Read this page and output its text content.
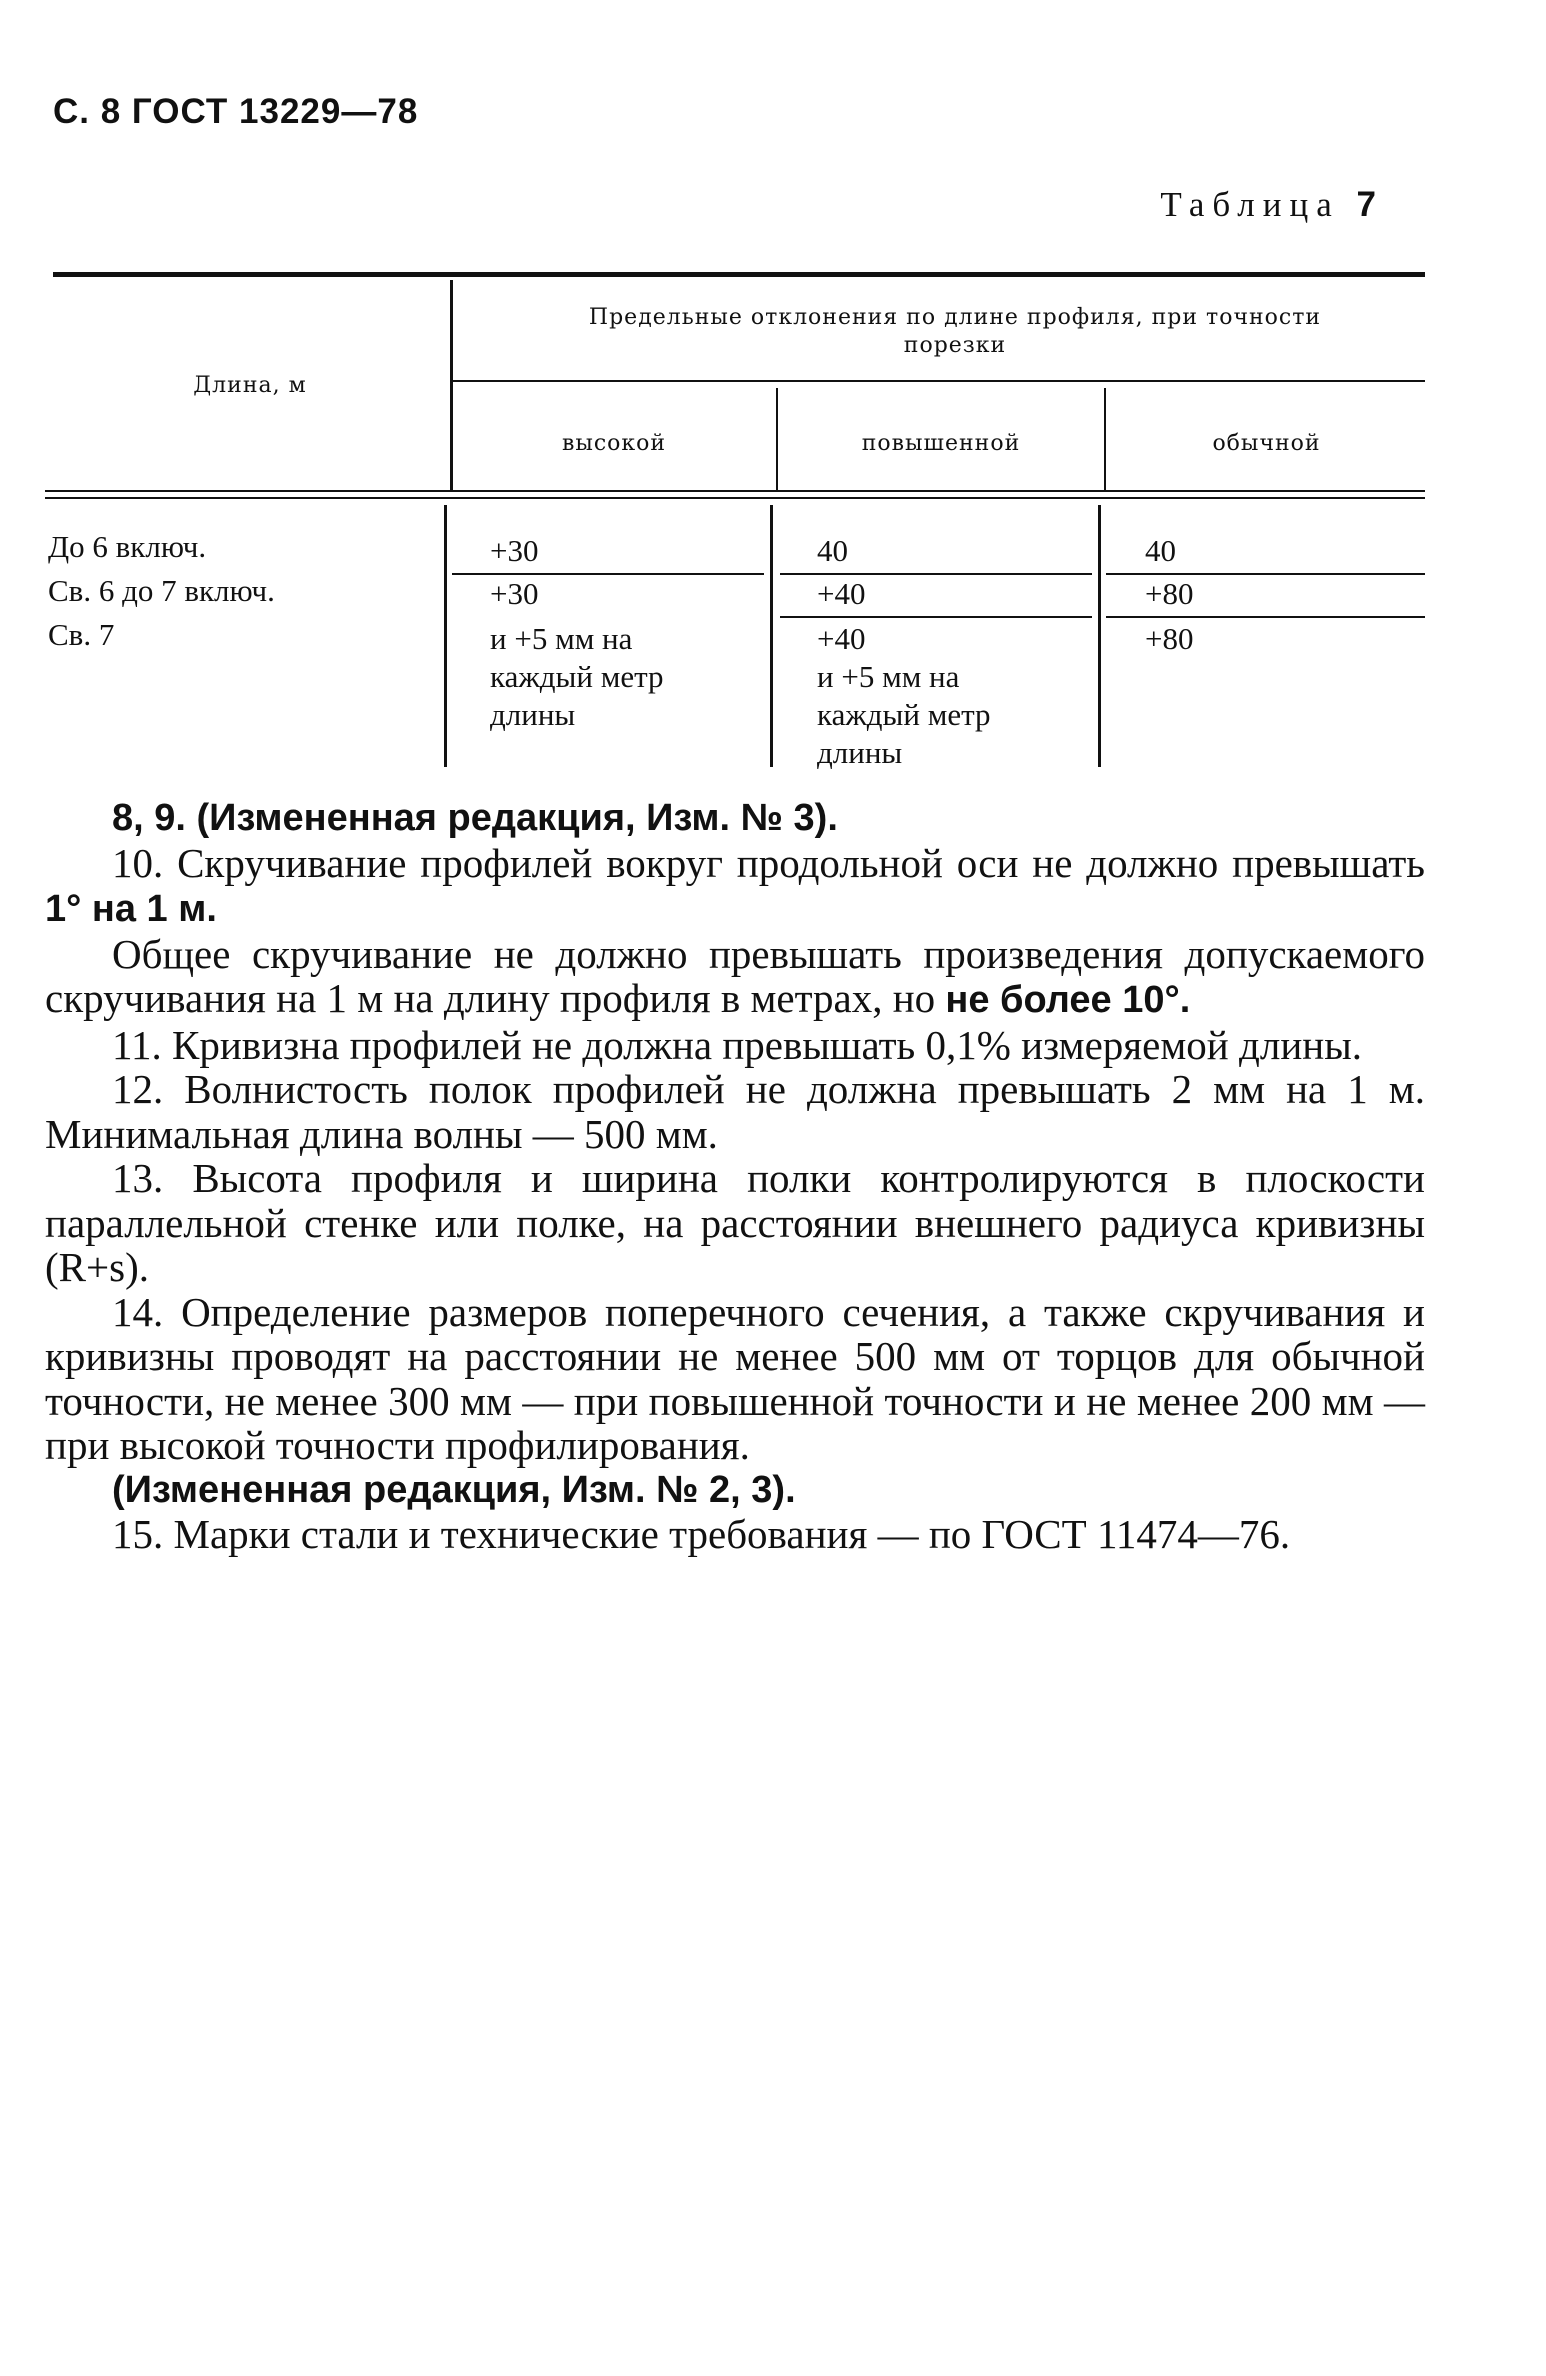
С. 8 ГОСТ 13229—78
Таблица 7
Длина, м
Предельные отклонения по длине профиля, при точности порезки
высокой	повышенной	обычной
До 6 включ.
Св. 6 до 7 включ.
Св. 7
+30
+30
и +5 мм на каждый метр длины
40
+40
+40
и +5 мм на каждый метр длины
40
+80
+80

8, 9. (Измененная редакция, Изм. № 3).

10. Скручивание профилей вокруг продольной оси не должно превышать 1° на 1 м.

Общее скручивание не должно превышать произведения допускаемого скручивания на 1 м на длину профиля в метрах, но не более 10°.

11. Кривизна профилей не должна превышать 0,1% измеряемой длины.

12. Волнистость полок профилей не должна превышать 2 мм на 1 м. Минимальная длина волны — 500 мм.

13. Высота профиля и ширина полки контролируются в плоскости параллельной стенке или полке, на расстоянии внешнего радиуса кривизны (R+s).

14. Определение размеров поперечного сечения, а также скручивания и кривизны проводят на расстоянии не менее 500 мм от торцов для обычной точности, не менее 300 мм — при повышенной точности и не менее 200 мм — при высокой точности профилирования.

(Измененная редакция, Изм. № 2, 3).

15. Марки стали и технические требования — по ГОСТ 11474—76.
